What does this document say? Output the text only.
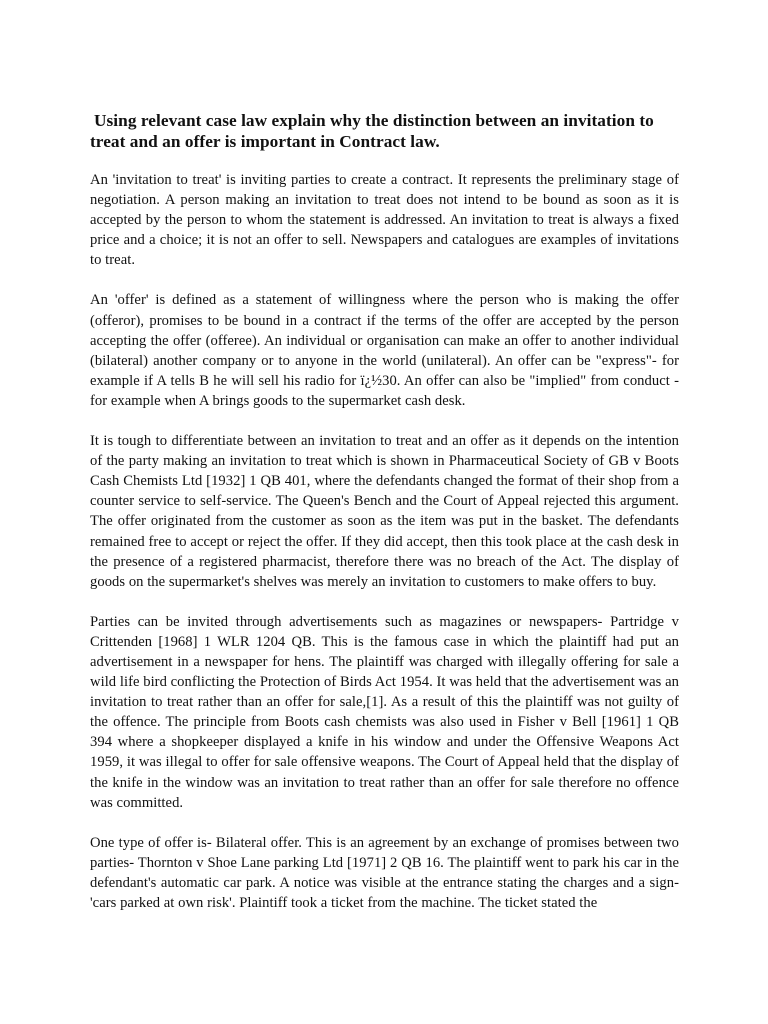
Using relevant case law explain why the distinction between an invitation to treat and an offer is important in Contract law.

An 'invitation to treat' is inviting parties to create a contract. It represents the preliminary stage of negotiation. A person making an invitation to treat does not intend to be bound as soon as it is accepted by the person to whom the statement is addressed. An invitation to treat is always a fixed price and a choice; it is not an offer to sell. Newspapers and catalogues are examples of invitations to treat.

An 'offer' is defined as a statement of willingness where the person who is making the offer (offeror), promises to be bound in a contract if the terms of the offer are accepted by the person accepting the offer (offeree). An individual or organisation can make an offer to another individual (bilateral) another company or to anyone in the world (unilateral). An offer can be "express"- for example if A tells B he will sell his radio for ï¿½30. An offer can also be "implied" from conduct - for example when A brings goods to the supermarket cash desk.

It is tough to differentiate between an invitation to treat and an offer as it depends on the intention of the party making an invitation to treat which is shown in Pharmaceutical Society of GB v Boots Cash Chemists Ltd [1932] 1 QB 401, where the defendants changed the format of their shop from a counter service to self-service. The Queen's Bench and the Court of Appeal rejected this argument. The offer originated from the customer as soon as the item was put in the basket. The defendants remained free to accept or reject the offer. If they did accept, then this took place at the cash desk in the presence of a registered pharmacist, therefore there was no breach of the Act. The display of goods on the supermarket's shelves was merely an invitation to customers to make offers to buy.

Parties can be invited through advertisements such as magazines or newspapers- Partridge v Crittenden [1968] 1 WLR 1204 QB. This is the famous case in which the plaintiff had put an advertisement in a newspaper for hens. The plaintiff was charged with illegally offering for sale a wild life bird conflicting the Protection of Birds Act 1954. It was held that the advertisement was an invitation to treat rather than an offer for sale,[1]. As a result of this the plaintiff was not guilty of the offence. The principle from Boots cash chemists was also used in Fisher v Bell [1961] 1 QB 394 where a shopkeeper displayed a knife in his window and under the Offensive Weapons Act 1959, it was illegal to offer for sale offensive weapons. The Court of Appeal held that the display of the knife in the window was an invitation to treat rather than an offer for sale therefore no offence was committed.

One type of offer is- Bilateral offer. This is an agreement by an exchange of promises between two parties- Thornton v Shoe Lane parking Ltd [1971] 2 QB 16. The plaintiff went to park his car in the defendant's automatic car park. A notice was visible at the entrance stating the charges and a sign-'cars parked at own risk'. Plaintiff took a ticket from the machine. The ticket stated the
